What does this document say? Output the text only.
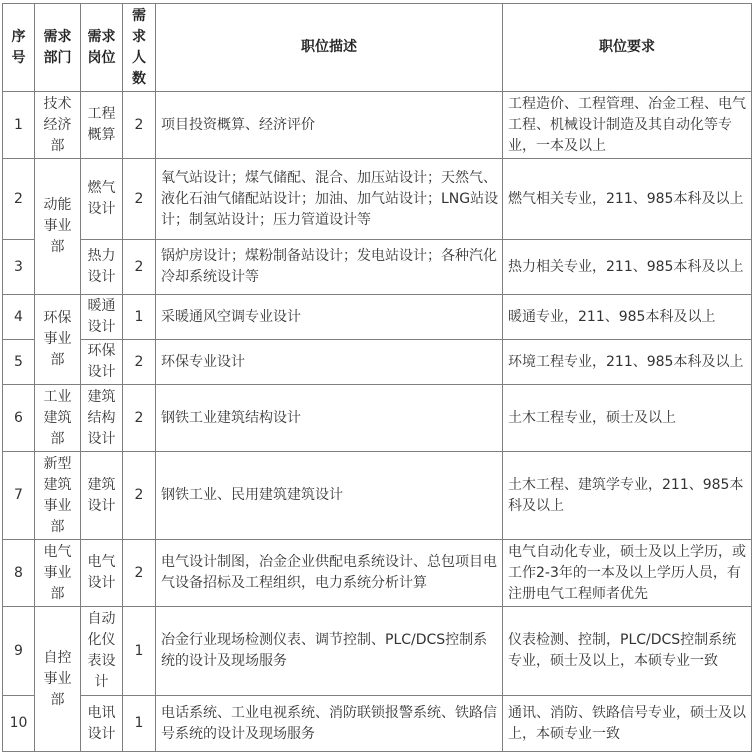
序号	需求部门	需求岗位	需求人数	职位描述	职位要求
1	技术经济部	工程概算	2	项目投资概算、经济评价	工程造价、工程管理、冶金工程、电气工程、机械设计制造及其自动化等专业，一本及以上
2	动能事业部	燃气设计	2	氧气站设计；煤气储配、混合、加压站设计；天然气、液化石油气储配站设计；加油、加气站设计；LNG站设计；制氢站设计；压力管道设计等	燃气相关专业，211、985本科及以上
3		热力设计	2	锅炉房设计；煤粉制备站设计；发电站设计；各种汽化冷却系统设计等	热力相关专业，211、985本科及以上
4	环保事业部	暖通设计	1	采暖通风空调专业设计	暖通专业，211、985本科及以上
5		环保设计	2	环保专业设计	环境工程专业，211、985本科及以上
6	工业建筑部	建筑结构设计	2	钢铁工业建筑结构设计	土木工程专业，硕士及以上
7	新型建筑事业部	建筑设计	2	钢铁工业、民用建筑建筑设计	土木工程、建筑学专业，211、985本科及以上
8	电气事业部	电气设计	2	电气设计制图，冶金企业供配电系统设计、总包项目电气设备招标及工程组织，电力系统分析计算	电气自动化专业，硕士及以上学历，或工作2-3年的一本及以上学历人员，有注册电气工程师者优先
9	自控事业部	自动化仪表设计	1	冶金行业现场检测仪表、调节控制、PLC/DCS控制系统的设计及现场服务	仪表检测、控制，PLC/DCS控制系统专业，硕士及以上，本硕专业一致
10		电讯设计	1	电话系统、工业电视系统、消防联锁报警系统、铁路信号系统的设计及现场服务	通讯、消防、铁路信号专业，硕士及以上，本硕专业一致
